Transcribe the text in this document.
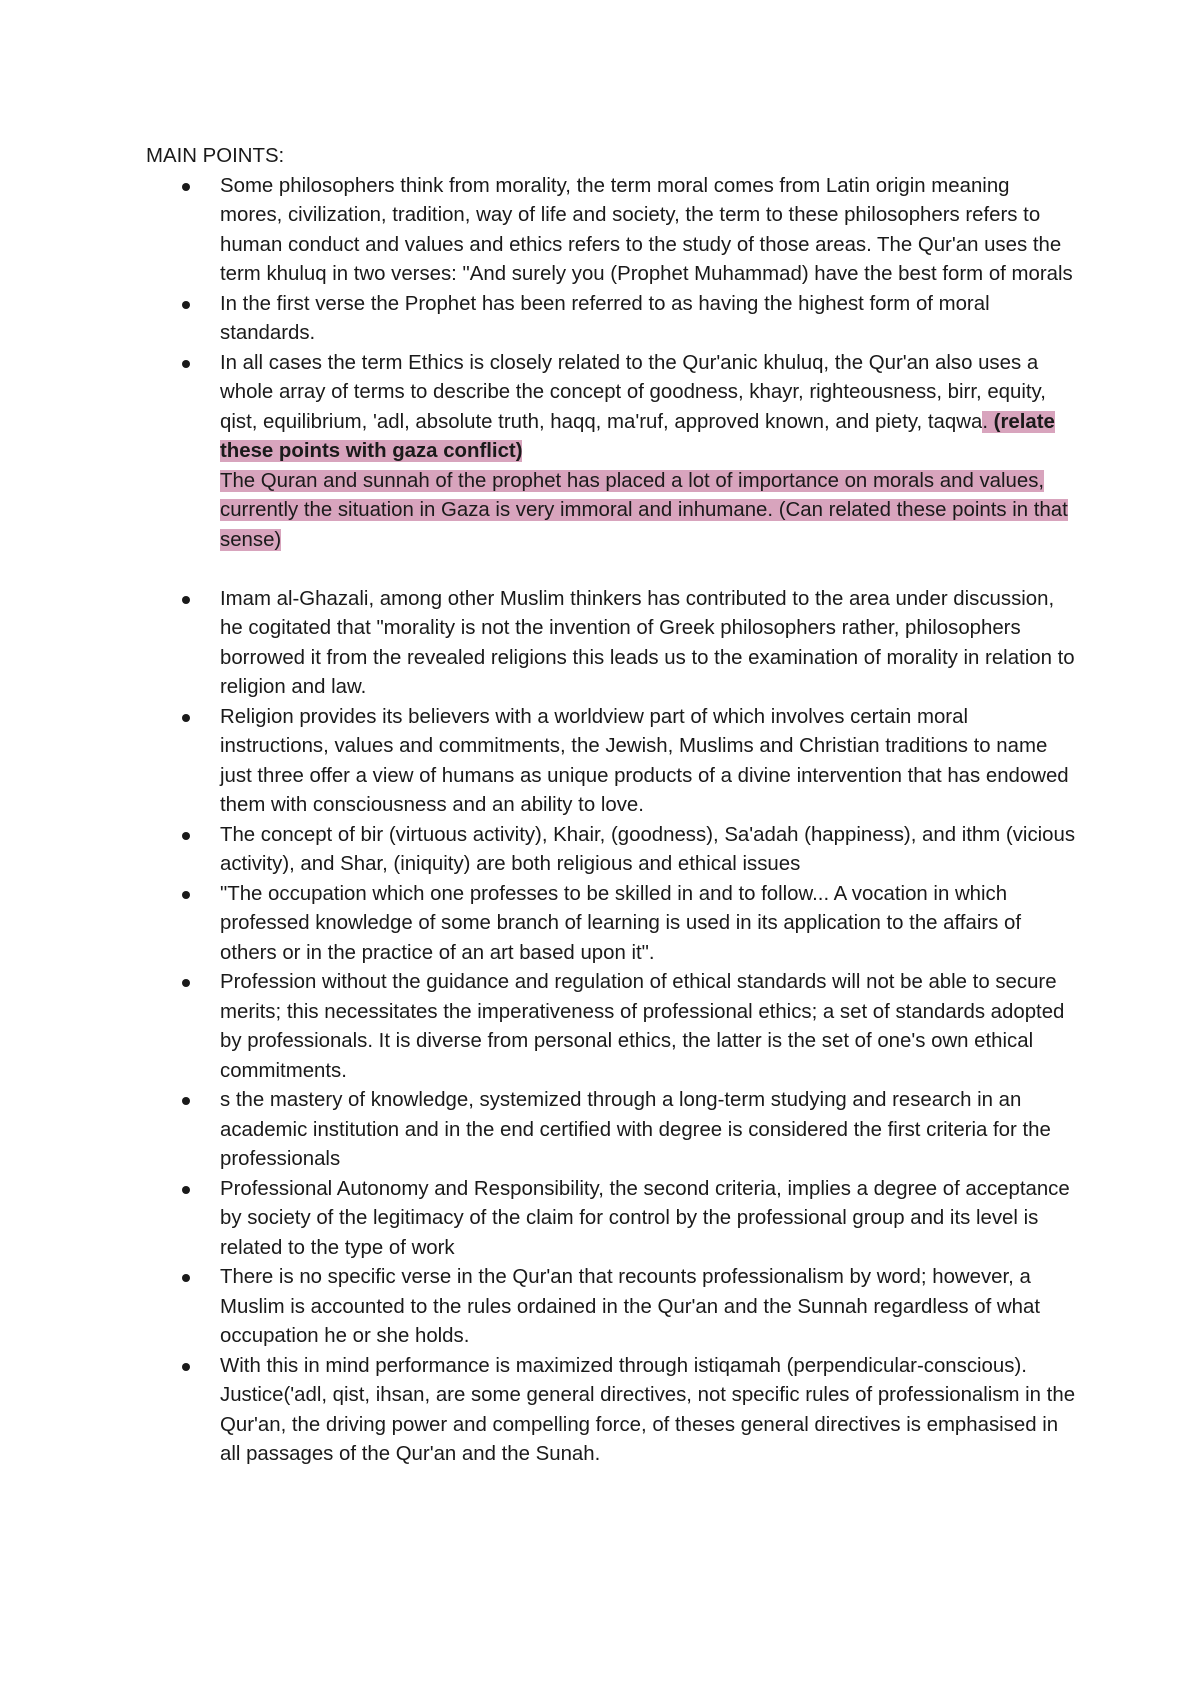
MAIN POINTS:
Some philosophers think from morality, the term moral comes from Latin origin meaning mores, civilization, tradition, way of life and society, the term to these philosophers refers to human conduct and values and ethics refers to the study of those areas. The Qur'an uses the term khuluq in two verses: "And surely you (Prophet Muhammad) have the best form of morals
In the first verse the Prophet has been referred to as having the highest form of moral standards.
In all cases the term Ethics is closely related to the Qur'anic khuluq, the Qur'an also uses a whole array of terms to describe the concept of goodness, khayr, righteousness, birr, equity, qist, equilibrium, 'adl, absolute truth, haqq, ma'ruf, approved known, and piety, taqwa. (relate these points with gaza conflict)
The Quran and sunnah of the prophet has placed a lot of importance on morals and values, currently the situation in Gaza is very immoral and inhumane. (Can related these points in that sense)
Imam al-Ghazali, among other Muslim thinkers has contributed to the area under discussion, he cogitated that "morality is not the invention of Greek philosophers rather, philosophers borrowed it from the revealed religions this leads us to the examination of morality in relation to religion and law.
Religion provides its believers with a worldview part of which involves certain moral instructions, values and commitments, the Jewish, Muslims and Christian traditions to name just three offer a view of humans as unique products of a divine intervention that has endowed them with consciousness and an ability to love.
The concept of bir (virtuous activity), Khair, (goodness), Sa'adah (happiness), and ithm (vicious activity), and Shar, (iniquity) are both religious and ethical issues
"The occupation which one professes to be skilled in and to follow... A vocation in which professed knowledge of some branch of learning is used in its application to the affairs of others or in the practice of an art based upon it".
Profession without the guidance and regulation of ethical standards will not be able to secure merits; this necessitates the imperativeness of professional ethics; a set of standards adopted by professionals. It is diverse from personal ethics, the latter is the set of one's own ethical commitments.
s the mastery of knowledge, systemized through a long-term studying and research in an academic institution and in the end certified with degree is considered the first criteria for the professionals
Professional Autonomy and Responsibility, the second criteria, implies a degree of acceptance by society of the legitimacy of the claim for control by the professional group and its level is related to the type of work
There is no specific verse in the Qur'an that recounts professionalism by word; however, a Muslim is accounted to the rules ordained in the Qur'an and the Sunnah regardless of what occupation he or she holds.
With this in mind performance is maximized through istiqamah (perpendicular-conscious). Justice('adl, qist, ihsan, are some general directives, not specific rules of professionalism in the Qur'an, the driving power and compelling force, of theses general directives is emphasised in all passages of the Qur'an and the Sunah.
